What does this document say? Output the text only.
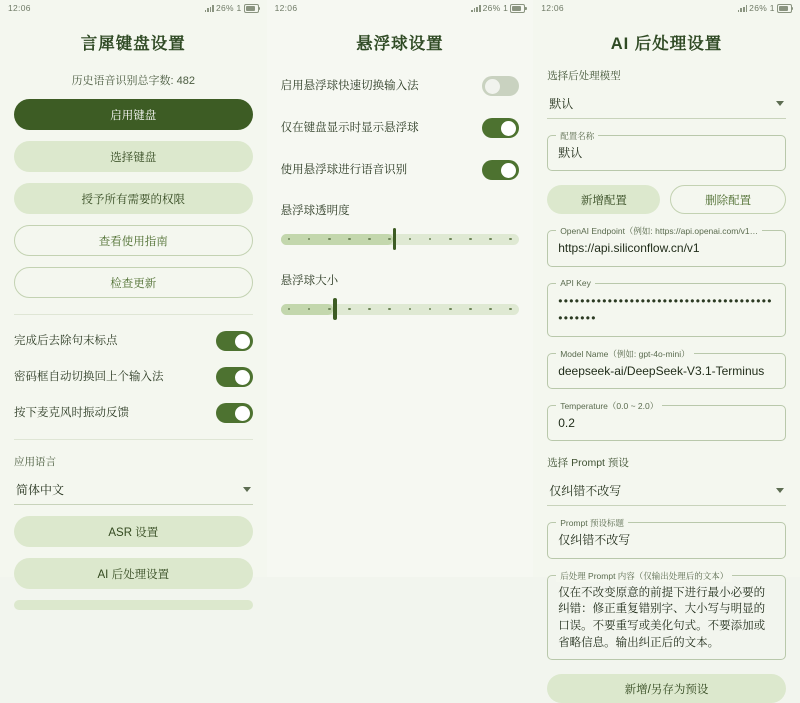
12:06	26% 1
言犀键盘设置
历史语音识别总字数: 482
启用键盘
选择键盘
授予所有需要的权限
查看使用指南
检查更新
完成后去除句末标点
密码框自动切换回上个输入法
按下麦克风时振动反馈
应用语言
简体中文
ASR 设置
AI 后处理设置
12:06	26% 1
悬浮球设置
启用悬浮球快速切换输入法
仅在键盘显示时显示悬浮球
使用悬浮球进行语音识别
悬浮球透明度
悬浮球大小
12:06	26% 1
AI 后处理设置
选择后处理模型
默认
配置名称
默认
新增配置	删除配置
OpenAI Endpoint（例如: https://api.openai.com/v1…
https://api.siliconflow.cn/v1
API Key
••••••••••••••••••••••••••••••••••••••••••••••
Model Name（例如: gpt-4o-mini）
deepseek-ai/DeepSeek-V3.1-Terminus
Temperature（0.0 ~ 2.0）
0.2
选择 Prompt 预设
仅纠错不改写
Prompt 预设标题
仅纠错不改写
后处理 Prompt 内容（仅输出处理后的文本）
仅在不改变原意的前提下进行最小必要的纠错：修正重复错别字、大小写与明显的口误。不要重写或美化句式。不要添加或省略信息。输出纠正后的文本。
新增/另存为预设
